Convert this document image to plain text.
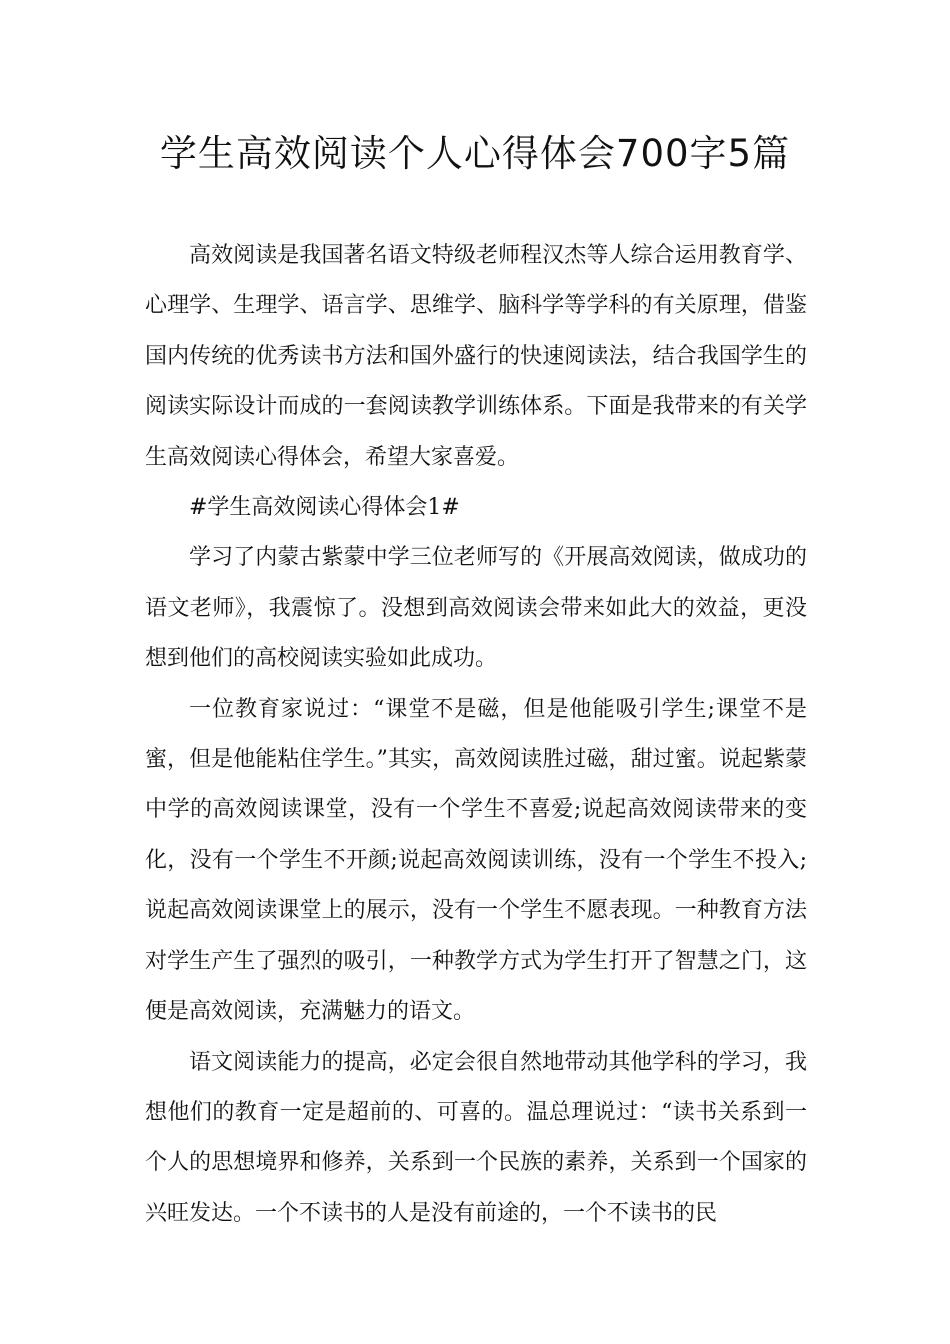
学生高效阅读个人心得体会700字5篇

高效阅读是我国著名语文特级老师程汉杰等人综合运用教育学、心理学、生理学、语言学、思维学、脑科学等学科的有关原理，借鉴国内传统的优秀读书方法和国外盛行的快速阅读法，结合我国学生的阅读实际设计而成的一套阅读教学训练体系。下面是我带来的有关学生高效阅读心得体会，希望大家喜爱。

#学生高效阅读心得体会1#

学习了内蒙古紫蒙中学三位老师写的《开展高效阅读，做成功的语文老师》，我震惊了。没想到高效阅读会带来如此大的效益，更没想到他们的高校阅读实验如此成功。

一位教育家说过：“课堂不是磁，但是他能吸引学生;课堂不是蜜，但是他能粘住学生。”其实，高效阅读胜过磁，甜过蜜。说起紫蒙中学的高效阅读课堂，没有一个学生不喜爱;说起高效阅读带来的变化，没有一个学生不开颜;说起高效阅读训练，没有一个学生不投入;说起高效阅读课堂上的展示，没有一个学生不愿表现。一种教育方法对学生产生了强烈的吸引，一种教学方式为学生打开了智慧之门，这便是高效阅读，充满魅力的语文。

语文阅读能力的提高，必定会很自然地带动其他学科的学习，我想他们的教育一定是超前的、可喜的。温总理说过：“读书关系到一个人的思想境界和修养，关系到一个民族的素养，关系到一个国家的兴旺发达。一个不读书的人是没有前途的，一个不读书的民
